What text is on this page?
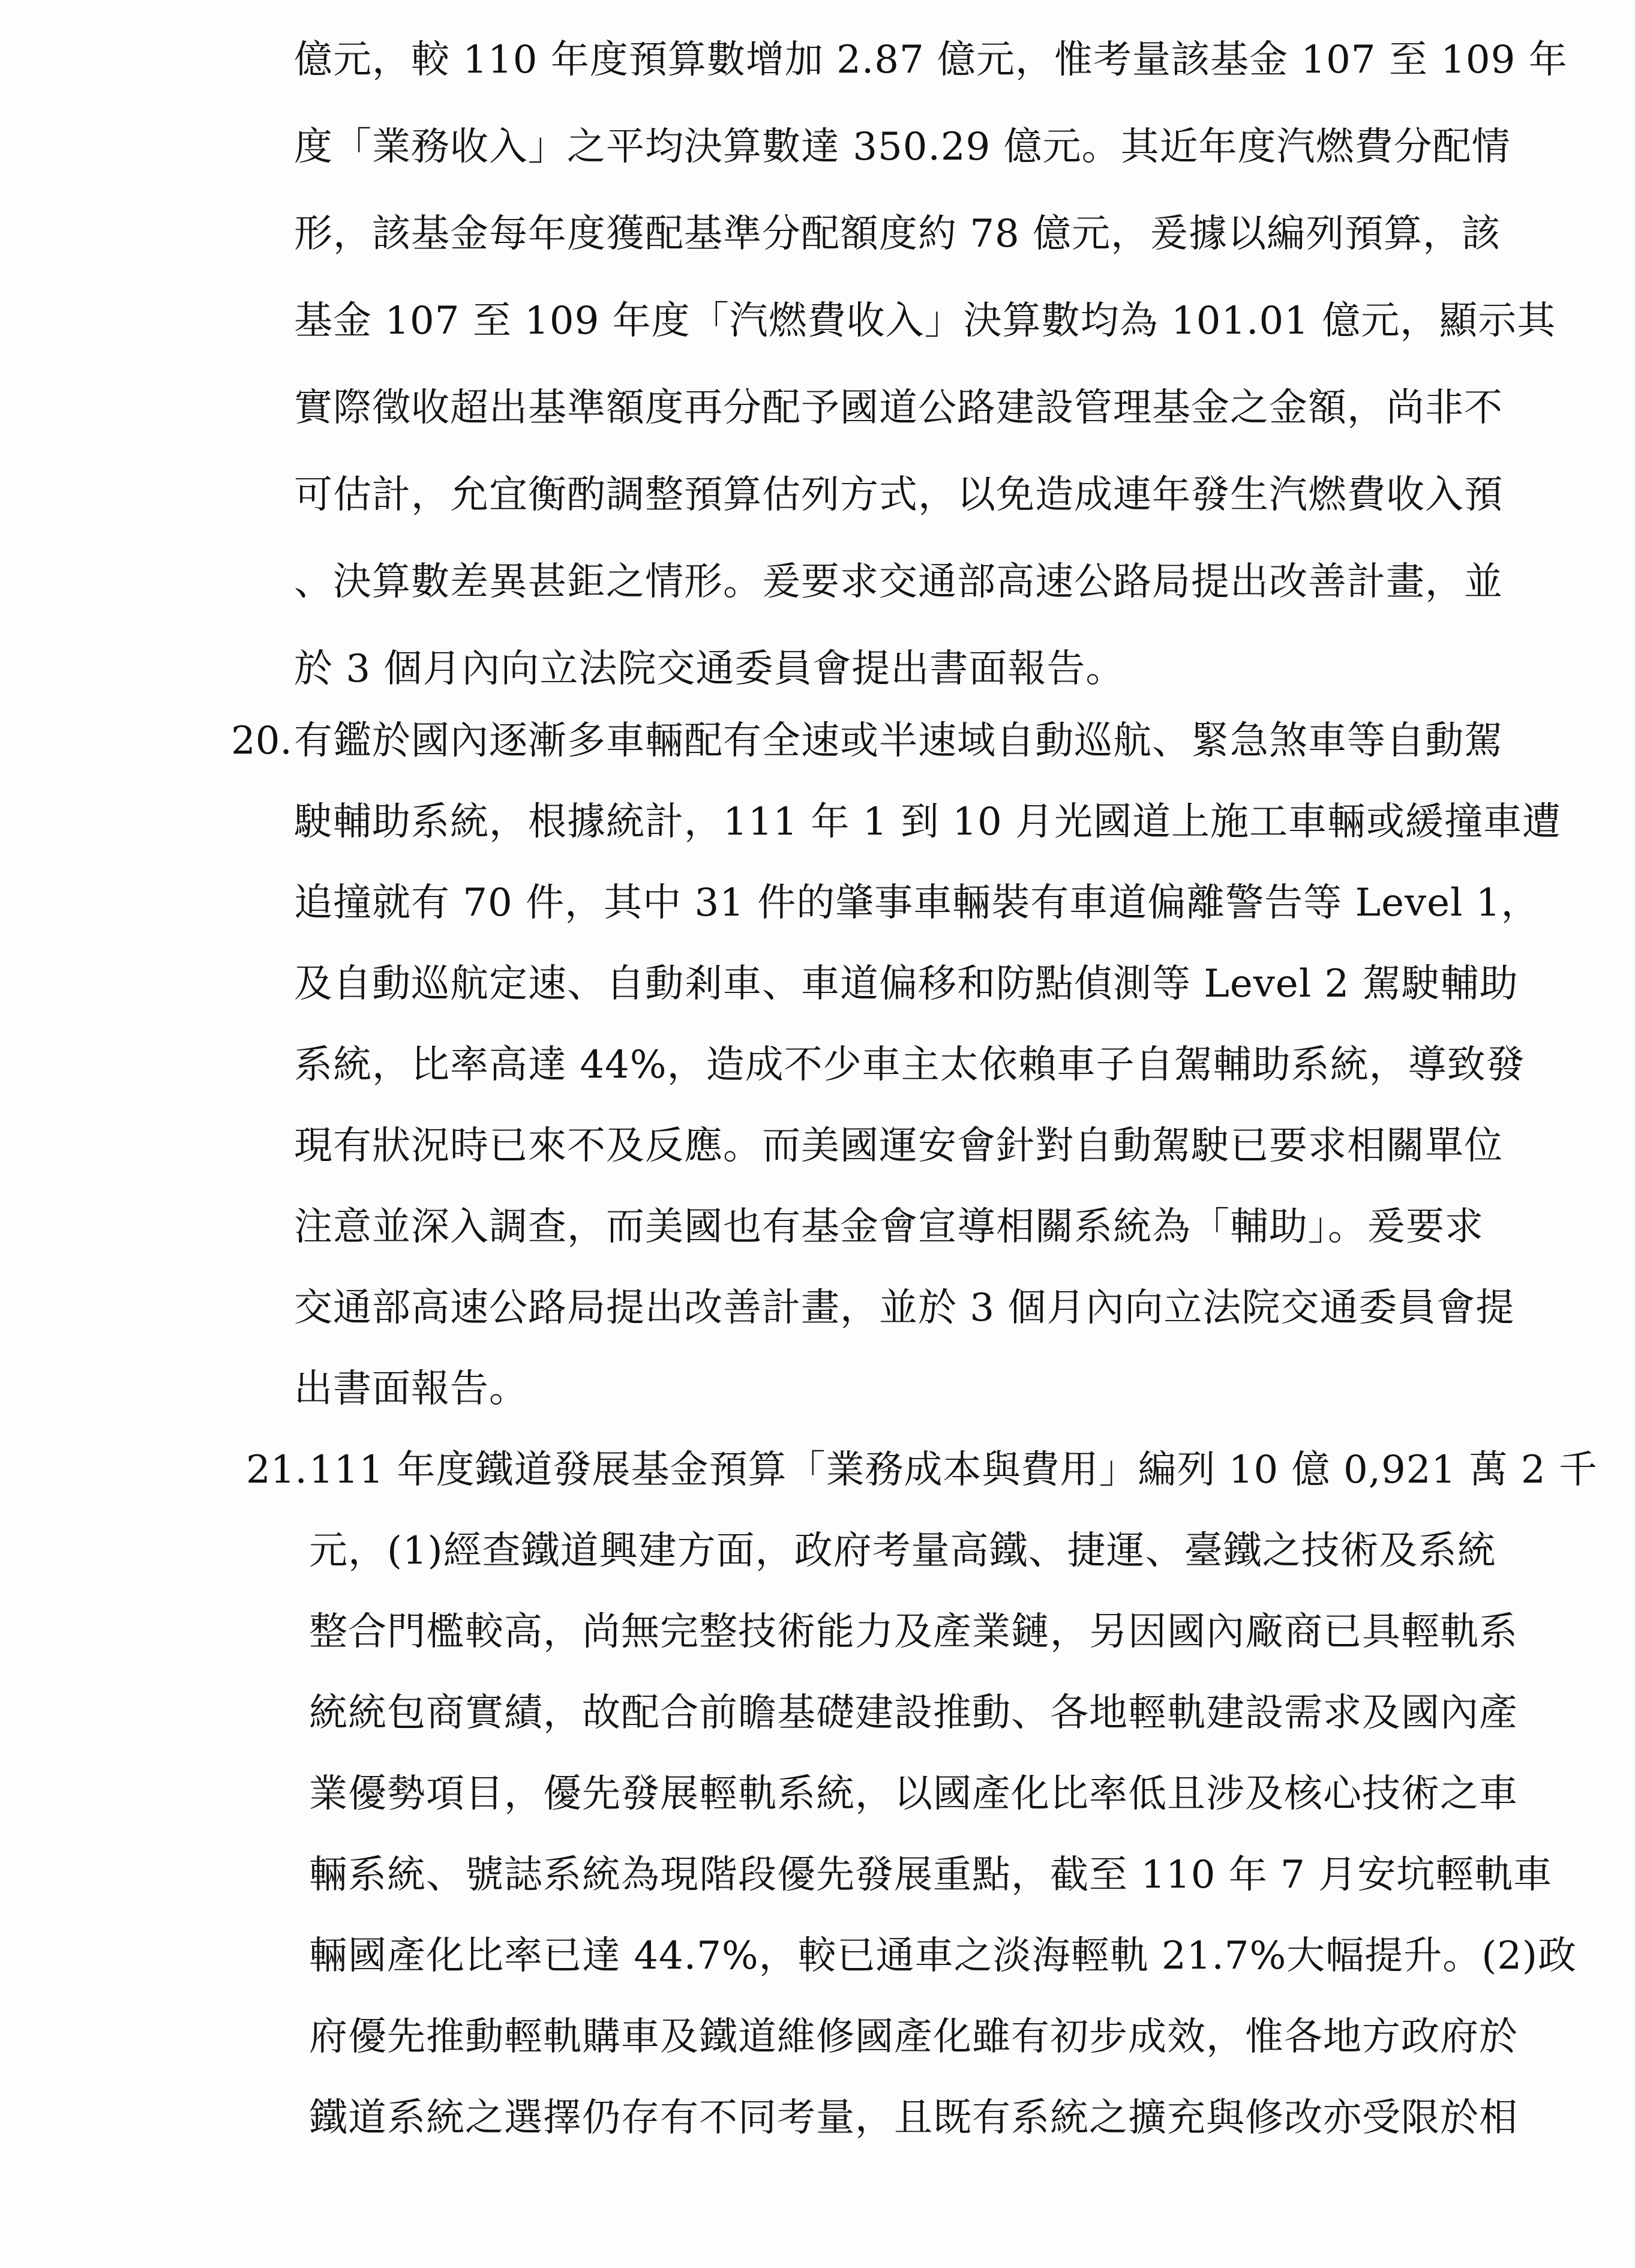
億元，較 110 年度預算數增加 2.87 億元，惟考量該基金 107 至 109 年
度「業務收入」之平均決算數達 350.29 億元。其近年度汽燃費分配情
形，該基金每年度獲配基準分配額度約 78 億元，爰據以編列預算，該
基金 107 至 109 年度「汽燃費收入」決算數均為 101.01 億元，顯示其
實際徵收超出基準額度再分配予國道公路建設管理基金之金額，尚非不
可估計，允宜衡酌調整預算估列方式，以免造成連年發生汽燃費收入預
、決算數差異甚鉅之情形。爰要求交通部高速公路局提出改善計畫，並
於 3 個月內向立法院交通委員會提出書面報告。
20. 有鑑於國內逐漸多車輛配有全速或半速域自動巡航、緊急煞車等自動駕
駛輔助系統，根據統計，111 年 1 到 10 月光國道上施工車輛或緩撞車遭
追撞就有 70 件，其中 31 件的肇事車輛裝有車道偏離警告等 Level 1，
及自動巡航定速、自動剎車、車道偏移和防點偵測等 Level 2 駕駛輔助
系統，比率高達 44%，造成不少車主太依賴車子自駕輔助系統，導致發
現有狀況時已來不及反應。而美國運安會針對自動駕駛已要求相關單位
注意並深入調查，而美國也有基金會宣導相關系統為「輔助」。爰要求
交通部高速公路局提出改善計畫，並於 3 個月內向立法院交通委員會提
出書面報告。
21. 111 年度鐵道發展基金預算「業務成本與費用」編列 10 億 0,921 萬 2 千
元，(1)經查鐵道興建方面，政府考量高鐵、捷運、臺鐵之技術及系統
整合門檻較高，尚無完整技術能力及產業鏈，另因國內廠商已具輕軌系
統統包商實績，故配合前瞻基礎建設推動、各地輕軌建設需求及國內產
業優勢項目，優先發展輕軌系統，以國產化比率低且涉及核心技術之車
輛系統、號誌系統為現階段優先發展重點，截至 110 年 7 月安坑輕軌車
輛國產化比率已達 44.7%，較已通車之淡海輕軌 21.7%大幅提升。(2)政
府優先推動輕軌購車及鐵道維修國產化雖有初步成效，惟各地方政府於
鐵道系統之選擇仍存有不同考量，且既有系統之擴充與修改亦受限於相
